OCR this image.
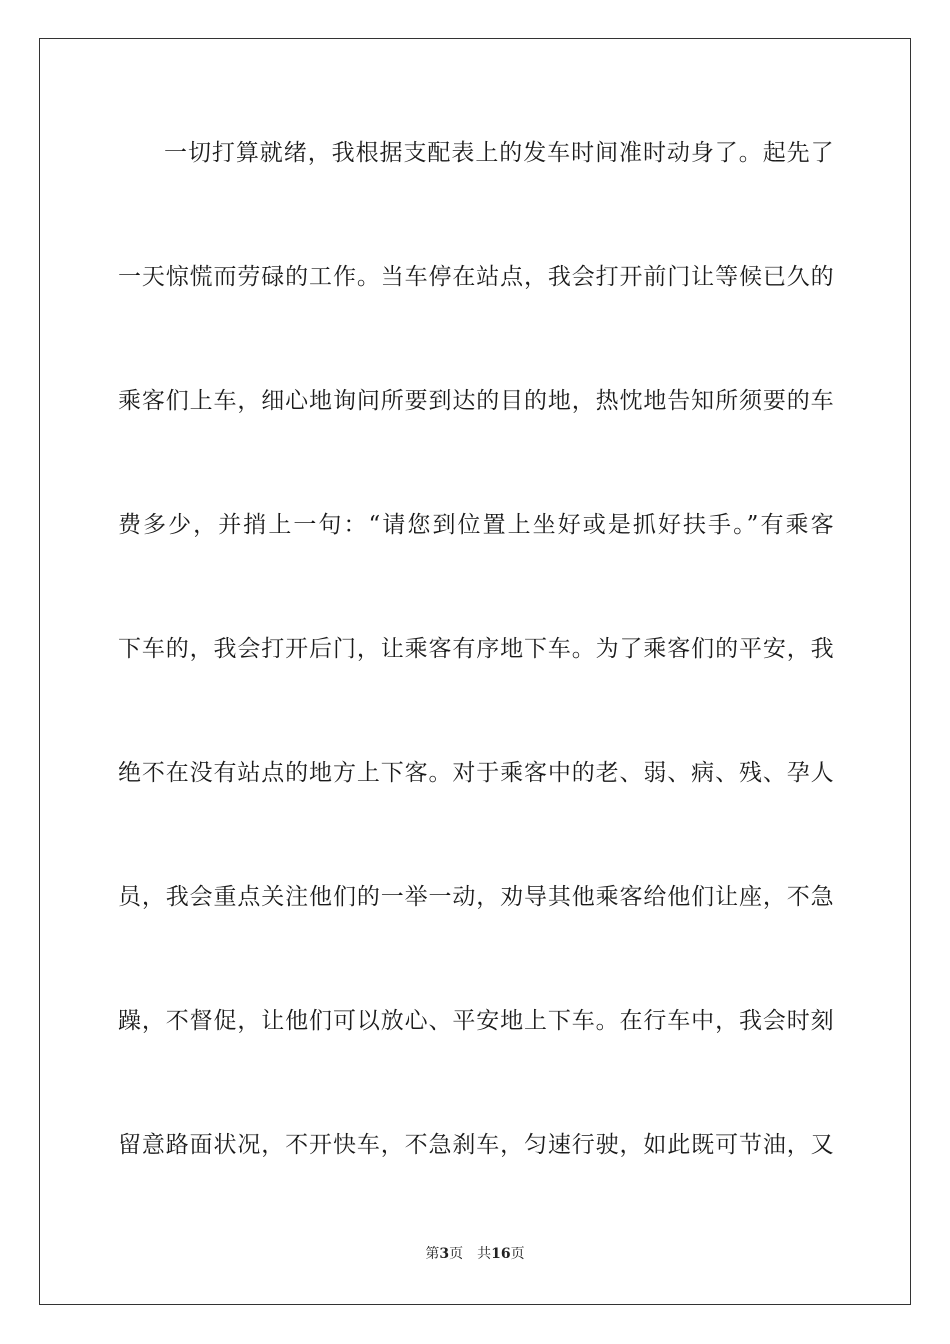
一切打算就绪，我根据支配表上的发车时间准时动身了。起先了
一天惊慌而劳碌的工作。当车停在站点，我会打开前门让等候已久的
乘客们上车，细心地询问所要到达的目的地，热忱地告知所须要的车
费多少，并捎上一句：“请您到位置上坐好或是抓好扶手。”有乘客
下车的，我会打开后门，让乘客有序地下车。为了乘客们的平安，我
绝不在没有站点的地方上下客。对于乘客中的老、弱、病、残、孕人
员，我会重点关注他们的一举一动，劝导其他乘客给他们让座，不急
躁，不督促，让他们可以放心、平安地上下车。在行车中，我会时刻
留意路面状况，不开快车，不急刹车，匀速行驶，如此既可节油，又
第3页 共16页
